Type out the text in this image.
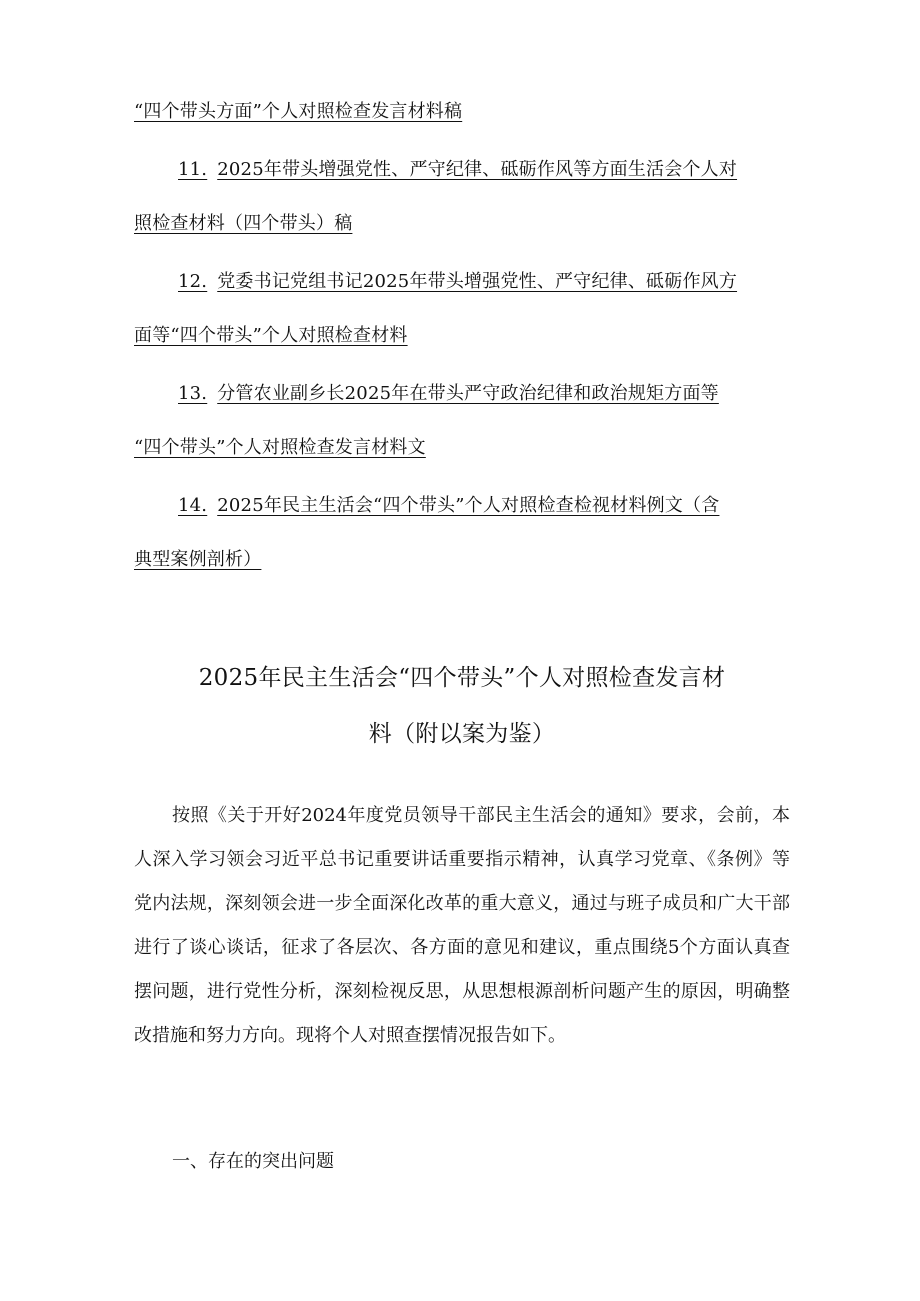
“四个带头方面”个人对照检查发言材料稿
11. 2025年带头增强党性、严守纪律、砥砺作风等方面生活会个人对
照检查材料（四个带头）稿
12. 党委书记党组书记2025年带头增强党性、严守纪律、砥砺作风方
面等“四个带头”个人对照检查材料
13. 分管农业副乡长2025年在带头严守政治纪律和政治规矩方面等
“四个带头”个人对照检查发言材料文
14. 2025年民主生活会“四个带头”个人对照检查检视材料例文（含
典型案例剖析）
2025年民主生活会“四个带头”个人对照检查发言材
料（附以案为鉴）

按照《关于开好2024年度党员领导干部民主生活会的通知》要求，会前，本人深入学习领会习近平总书记重要讲话重要指示精神，认真学习党章、《条例》等党内法规，深刻领会进一步全面深化改革的重大意义，通过与班子成员和广大干部进行了谈心谈话，征求了各层次、各方面的意见和建议，重点围绕5个方面认真查摆问题，进行党性分析，深刻检视反思，从思想根源剖析问题产生的原因，明确整改措施和努力方向。现将个人对照查摆情况报告如下。

一、存在的突出问题
